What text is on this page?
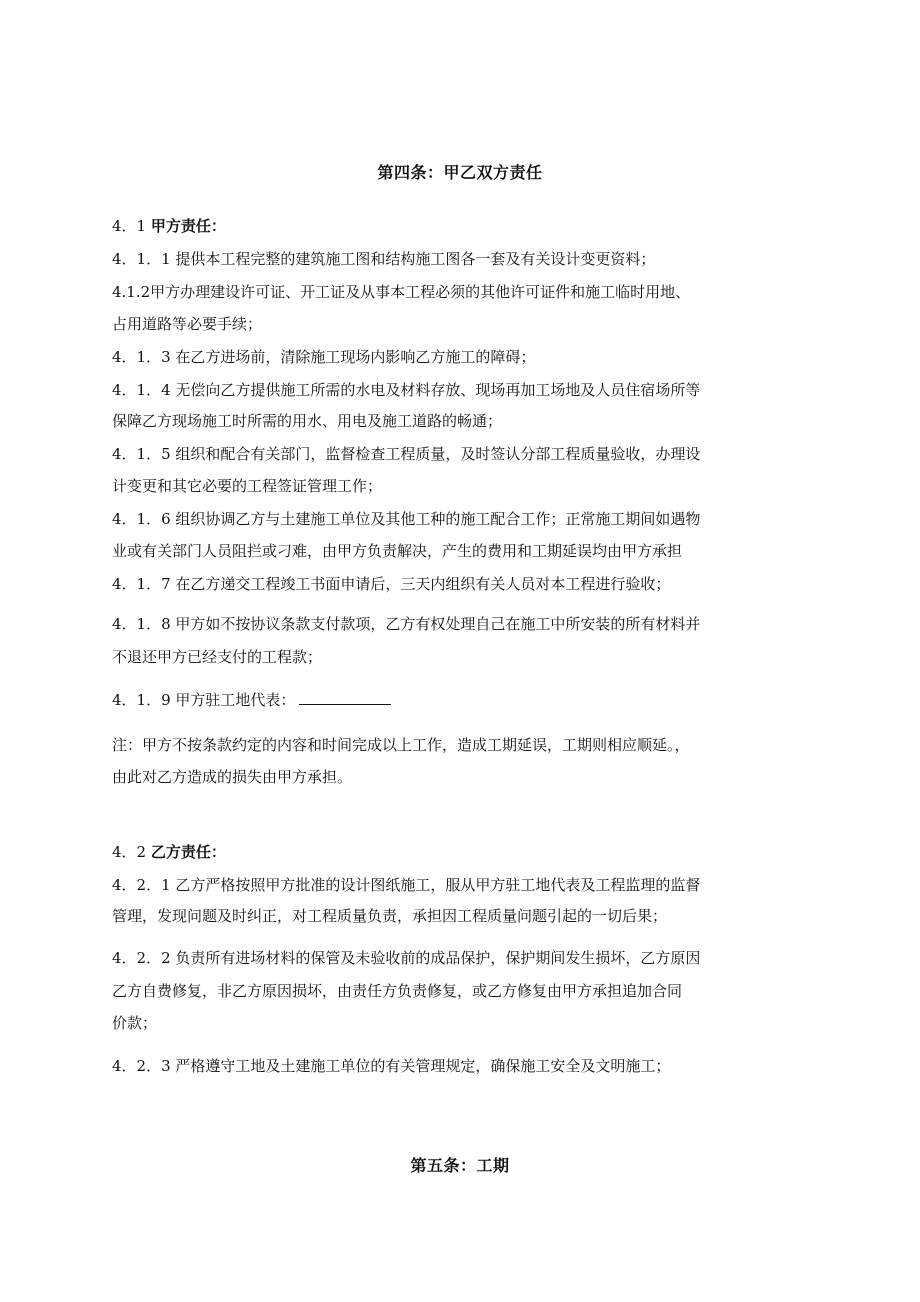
第四条：甲乙双方责任
4．1 甲方责任：
4．1．1 提供本工程完整的建筑施工图和结构施工图各一套及有关设计变更资料；
4.1.2甲方办理建设许可证、开工证及从事本工程必须的其他许可证件和施工临时用地、
占用道路等必要手续；
4．1．3 在乙方进场前，清除施工现场内影响乙方施工的障碍；
4．1．4 无偿向乙方提供施工所需的水电及材料存放、现场再加工场地及人员住宿场所等
保障乙方现场施工时所需的用水、用电及施工道路的畅通；
4．1．5 组织和配合有关部门，监督检查工程质量，及时签认分部工程质量验收，办理设
计变更和其它必要的工程签证管理工作；
4．1．6 组织协调乙方与土建施工单位及其他工种的施工配合工作；正常施工期间如遇物
业或有关部门人员阻拦或刁难，由甲方负责解决，产生的费用和工期延误均由甲方承担
4．1．7 在乙方递交工程竣工书面申请后，三天内组织有关人员对本工程进行验收；
4．1．8 甲方如不按协议条款支付款项，乙方有权处理自己在施工中所安装的所有材料并
不退还甲方已经支付的工程款；
4．1．9 甲方驻工地代表：
注：甲方不按条款约定的内容和时间完成以上工作，造成工期延误，工期则相应顺延。，
由此对乙方造成的损失由甲方承担。
4．2 乙方责任：
4．2．1 乙方严格按照甲方批准的设计图纸施工，服从甲方驻工地代表及工程监理的监督
管理，发现问题及时纠正，对工程质量负责，承担因工程质量问题引起的一切后果；
4．2．2 负责所有进场材料的保管及未验收前的成品保护，保护期间发生损坏，乙方原因
乙方自费修复，非乙方原因损坏，由责任方负责修复，或乙方修复由甲方承担追加合同
价款；
4．2．3 严格遵守工地及土建施工单位的有关管理规定，确保施工安全及文明施工；
第五条：工期
